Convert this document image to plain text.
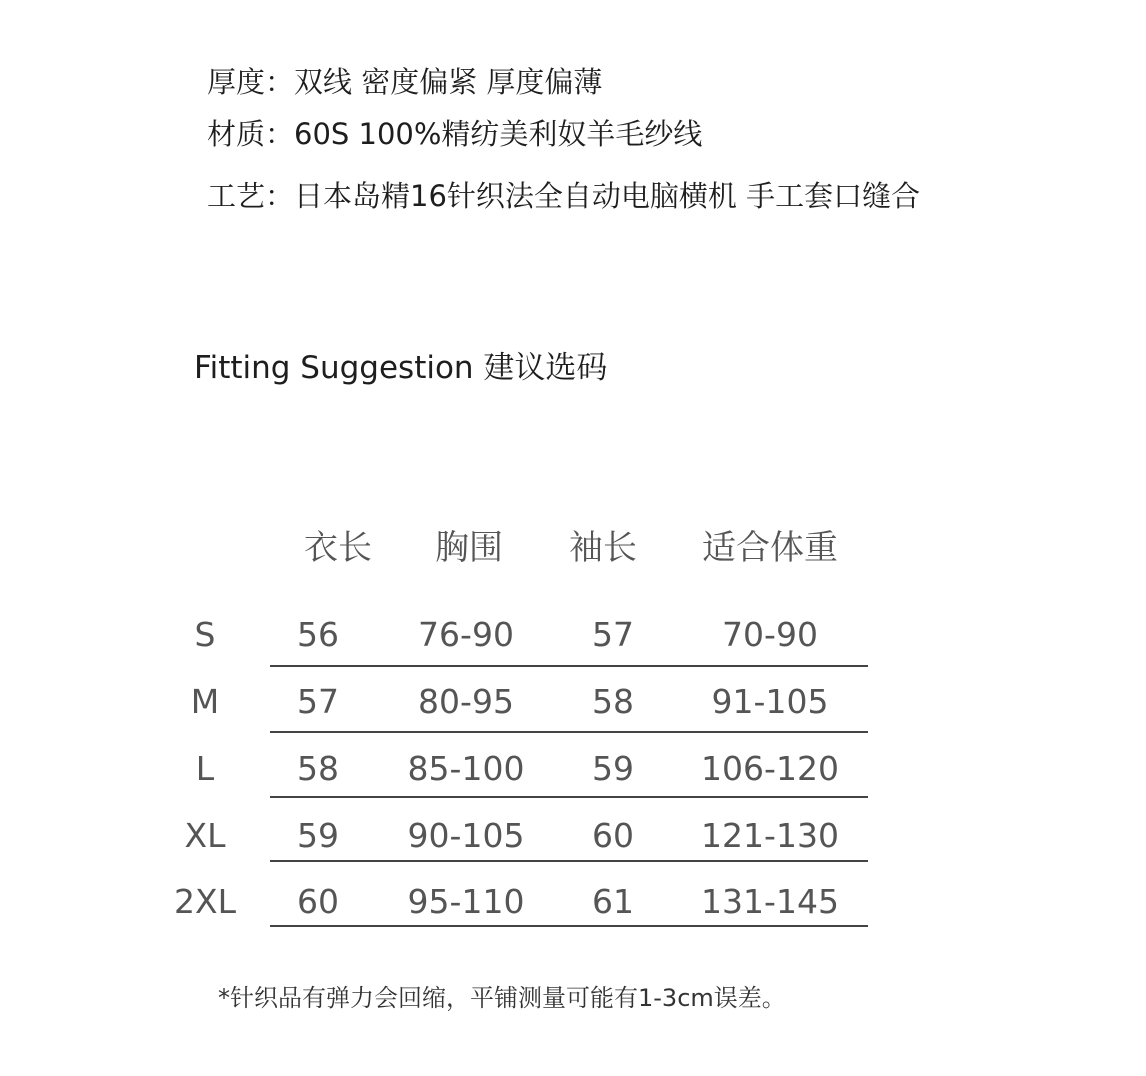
厚度：双线 密度偏紧 厚度偏薄
材质：60S 100%精纺美利奴羊毛纱线
工艺：日本岛精16针织法全自动电脑横机 手工套口缝合
Fitting Suggestion 建议选码
衣长 胸围 袖长 适合体重
S 56 76-90 57	70-90
M 57 80-95 58 91-105
L	58 85-100 59 106-120
XL 59 90-105 60 121-130
2XL 60 95-110 61 131-145
*针织品有弹力会回缩，平铺测量可能有1-3cm误差。
